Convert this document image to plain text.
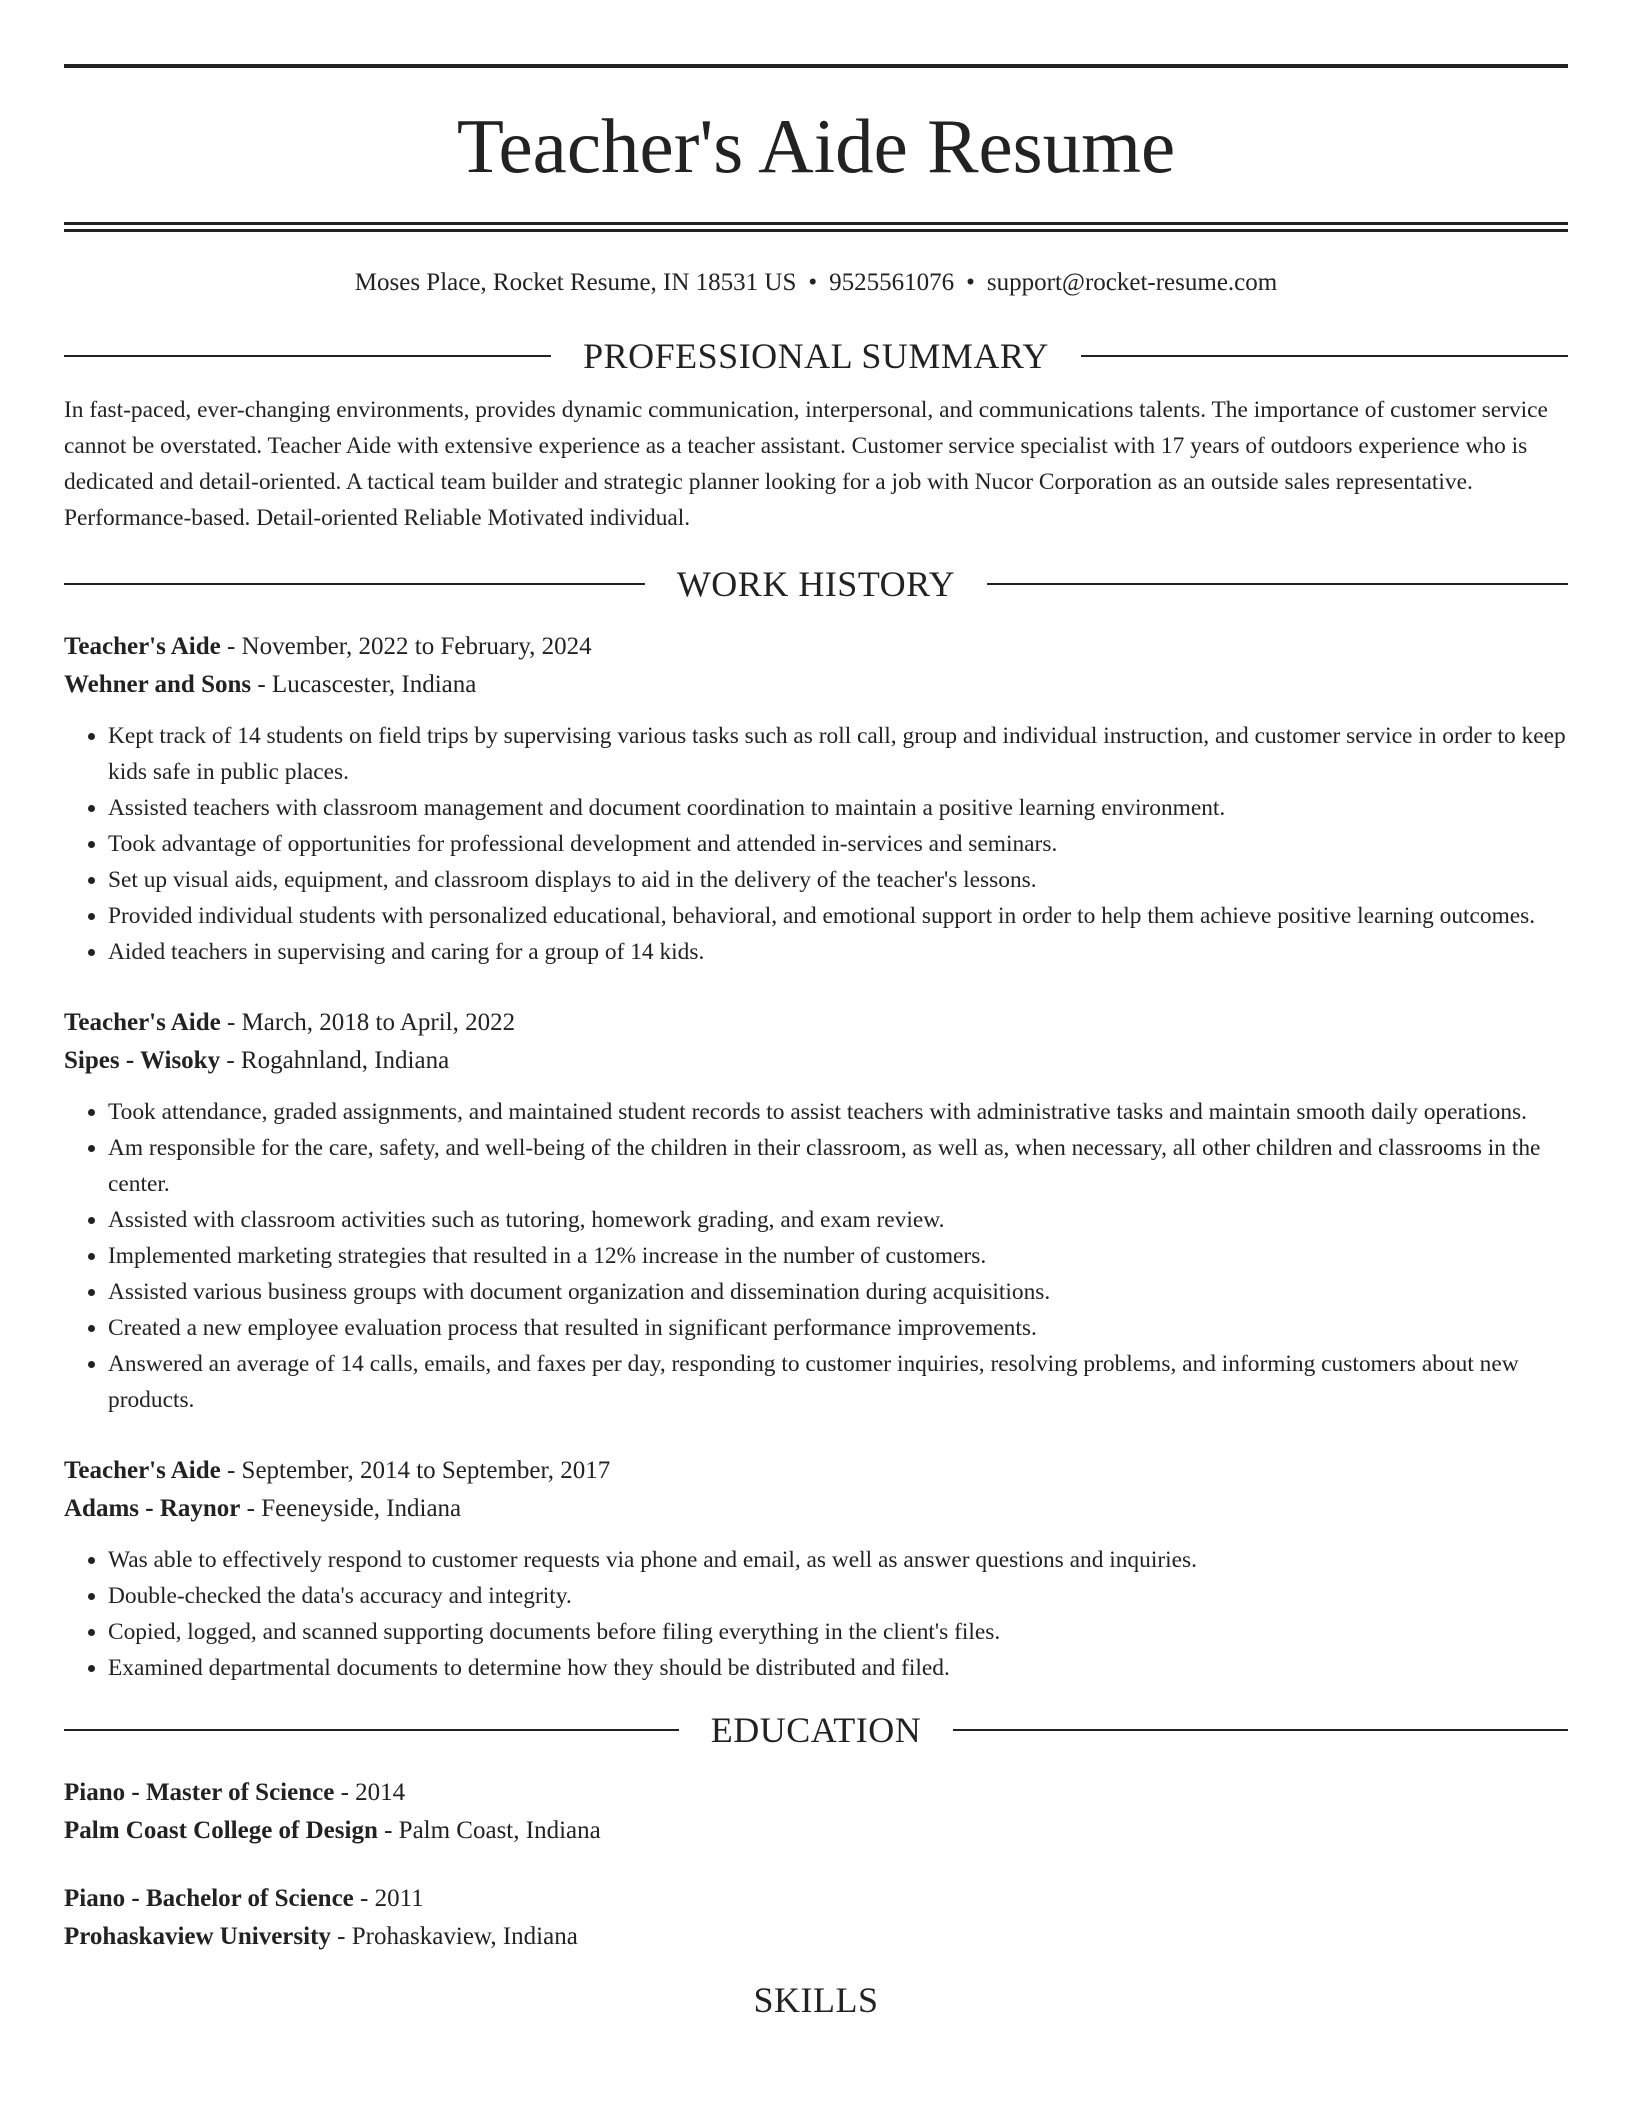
Teacher's Aide Resume
Moses Place, Rocket Resume, IN 18531 US • 9525561076 • support@rocket-resume.com
PROFESSIONAL SUMMARY
In fast-paced, ever-changing environments, provides dynamic communication, interpersonal, and communications talents. The importance of customer service cannot be overstated. Teacher Aide with extensive experience as a teacher assistant. Customer service specialist with 17 years of outdoors experience who is dedicated and detail-oriented. A tactical team builder and strategic planner looking for a job with Nucor Corporation as an outside sales representative. Performance-based. Detail-oriented Reliable Motivated individual.
WORK HISTORY
Teacher's Aide - November, 2022 to February, 2024
Wehner and Sons - Lucascester, Indiana
• Kept track of 14 students on field trips by supervising various tasks such as roll call, group and individual instruction, and customer service in order to keep kids safe in public places.
• Assisted teachers with classroom management and document coordination to maintain a positive learning environment.
• Took advantage of opportunities for professional development and attended in-services and seminars.
• Set up visual aids, equipment, and classroom displays to aid in the delivery of the teacher's lessons.
• Provided individual students with personalized educational, behavioral, and emotional support in order to help them achieve positive learning outcomes.
• Aided teachers in supervising and caring for a group of 14 kids.
Teacher's Aide - March, 2018 to April, 2022
Sipes - Wisoky - Rogahnland, Indiana
• Took attendance, graded assignments, and maintained student records to assist teachers with administrative tasks and maintain smooth daily operations.
• Am responsible for the care, safety, and well-being of the children in their classroom, as well as, when necessary, all other children and classrooms in the center.
• Assisted with classroom activities such as tutoring, homework grading, and exam review.
• Implemented marketing strategies that resulted in a 12% increase in the number of customers.
• Assisted various business groups with document organization and dissemination during acquisitions.
• Created a new employee evaluation process that resulted in significant performance improvements.
• Answered an average of 14 calls, emails, and faxes per day, responding to customer inquiries, resolving problems, and informing customers about new products.
Teacher's Aide - September, 2014 to September, 2017
Adams - Raynor - Feeneyside, Indiana
• Was able to effectively respond to customer requests via phone and email, as well as answer questions and inquiries.
• Double-checked the data's accuracy and integrity.
• Copied, logged, and scanned supporting documents before filing everything in the client's files.
• Examined departmental documents to determine how they should be distributed and filed.
EDUCATION
Piano - Master of Science - 2014
Palm Coast College of Design - Palm Coast, Indiana
Piano - Bachelor of Science - 2011
Prohaskaview University - Prohaskaview, Indiana
SKILLS
